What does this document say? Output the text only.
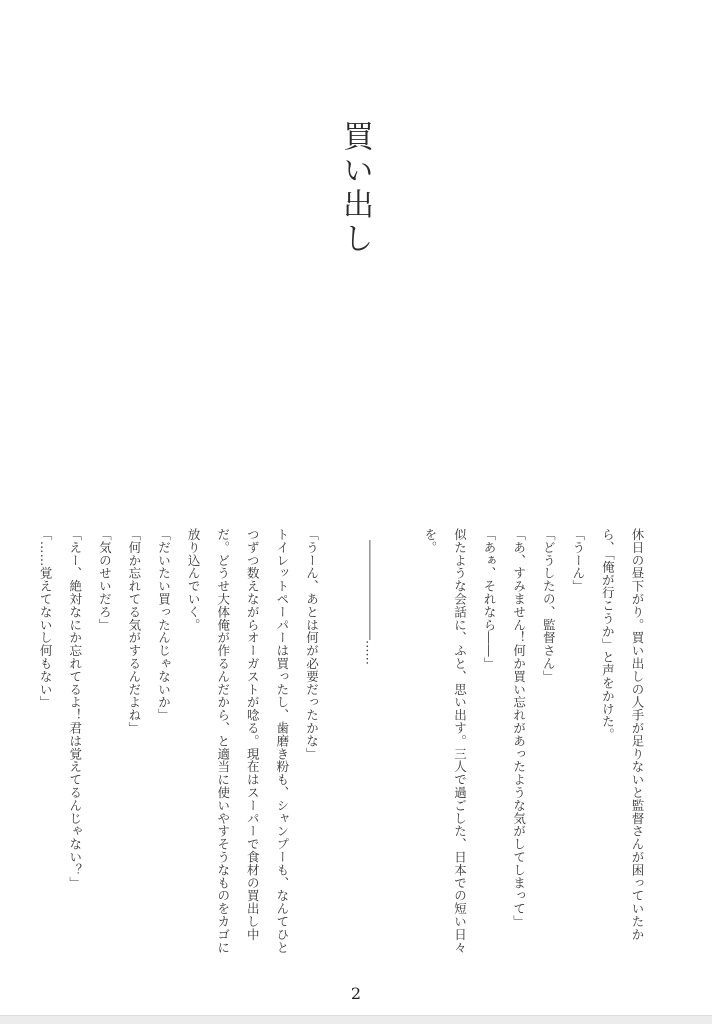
買い出し

休日の昼下がり。買い出しの人手が足りないと監督さんが困っていたから、「俺が行こうか」と声をかけた。

「うーん」

「どうしたの、監督さん」

「あ、すみません！何か買い忘れがあったような気がしてしまって」

「あぁ、それなら――」

似たような会話に、ふと、思い出す。三人で過ごした、日本での短い日々を。

――――――――……

「うーん、あとは何が必要だったかな」

トイレットペーパーは買ったし、歯磨き粉も、シャンプーも、なんてひとつずつ数えながらオーガストが唸る。現在はスーパーで食材の買出し中だ。どうせ大体俺が作るんだから、と適当に使いやすそうなものをカゴに放り込んでいく。

「だいたい買ったんじゃないか」

「何か忘れてる気がするんだよね」

「気のせいだろ」

「えー、絶対なにか忘れてるよ！君は覚えてるんじゃない？」

「……覚えてないし何もない」

2
